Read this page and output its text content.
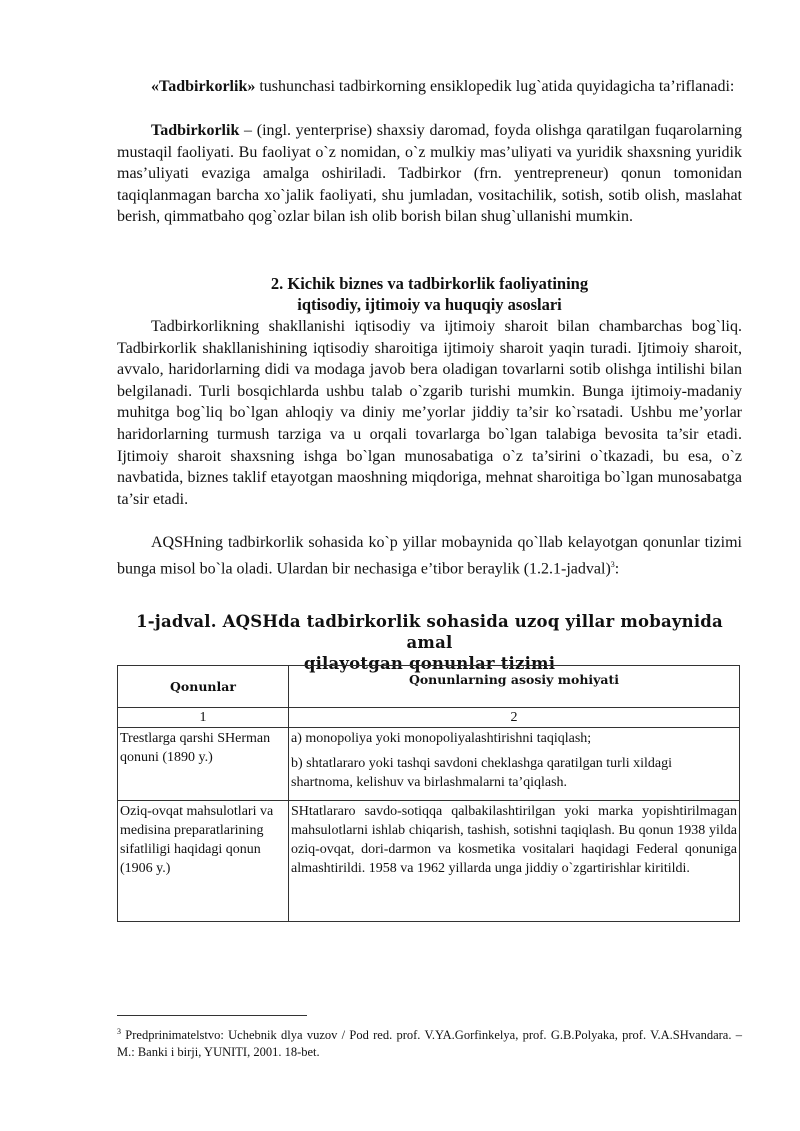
«Tadbirkorlik» tushunchasi tadbirkorning ensiklopedik lug`atida quyidagicha ta’riflanadi:

Tadbirkorlik – (ingl. yenterprise) shaxsiy daromad, foyda olishga qaratilgan fuqarolarning mustaqil faoliyati. Bu faoliyat o`z nomidan, o`z mulkiy mas’uliyati va yuridik shaxsning yuridik mas’uliyati evaziga amalga oshiriladi. Tadbirkor (frn. yentrepreneur) qonun tomonidan taqiqlanmagan barcha xo`jalik faoliyati, shu jumladan, vositachilik, sotish, sotib olish, maslahat berish, qimmatbaho qog`ozlar bilan ish olib borish bilan shug`ullanishi mumkin.

2. Kichik biznes va tadbirkorlik faoliyatining
iqtisodiy, ijtimoiy va huquqiy asoslari

Tadbirkorlikning shakllanishi iqtisodiy va ijtimoiy sharoit bilan chambarchas bog`liq. Tadbirkorlik shakllanishining iqtisodiy sharoitiga ijtimoiy sharoit yaqin turadi. Ijtimoiy sharoit, avvalo, haridorlarning didi va modaga javob bera oladigan tovarlarni sotib olishga intilishi bilan belgilanadi. Turli bosqichlarda ushbu talab o`zgarib turishi mumkin. Bunga ijtimoiy-madaniy muhitga bog`liq bo`lgan ahloqiy va diniy me’yorlar jiddiy ta’sir ko`rsatadi. Ushbu me’yorlar haridorlarning turmush tarziga va u orqali tovarlarga bo`lgan talabiga bevosita ta’sir etadi. Ijtimoiy sharoit shaxsning ishga bo`lgan munosabatiga o`z ta’sirini o`tkazadi, bu esa, o`z navbatida, biznes taklif etayotgan maoshning miqdoriga, mehnat sharoitiga bo`lgan munosabatga ta’sir etadi.

AQSHning tadbirkorlik sohasida ko`p yillar mobaynida qo`llab kelayotgan qonunlar tizimi bunga misol bo`la oladi. Ulardan bir nechasiga e’tibor beraylik (1.2.1-jadval)$^3$:

1-jadval. AQSHda tadbirkorlik sohasida uzoq yillar mobaynida amal
qilayotgan qonunlar tizimi
Qonunlar	Qonunlarning asosiy mohiyati
1	2
Trestlarga qarshi SHerman qonuni (1890 y.)	a) monopoliya yoki monopoliyalashtirishni taqiqlash;
b) shtatlararo yoki tashqi savdoni cheklashga qaratilgan turli xildagi shartnoma, kelishuv va birlashmalarni ta’qiqlash.

Oziq-ovqat mahsulotlari va medisina preparatlarining sifatliligi haqidagi qonun (1906 y.)	SHtatlararo savdo-sotiqqa qalbakilashtirilgan yoki marka yopishtirilmagan mahsulotlarni ishlab chiqarish, tashish, sotishni taqiqlash. Bu qonun 1938 yilda oziq-ovqat, dori-darmon va kosmetika vositalari haqidagi Federal qonuniga almashtirildi. 1958 va 1962 yillarda unga jiddiy o`zgartirishlar kiritildi.

$^3$ Predprinimatelstvo: Uchebnik dlya vuzov / Pod red. prof. V.YA.Gorfinkelya, prof. G.B.Polyaka, prof. V.A.SHvandara. – M.: Banki i birji, YUNITI, 2001. 18-bet.
